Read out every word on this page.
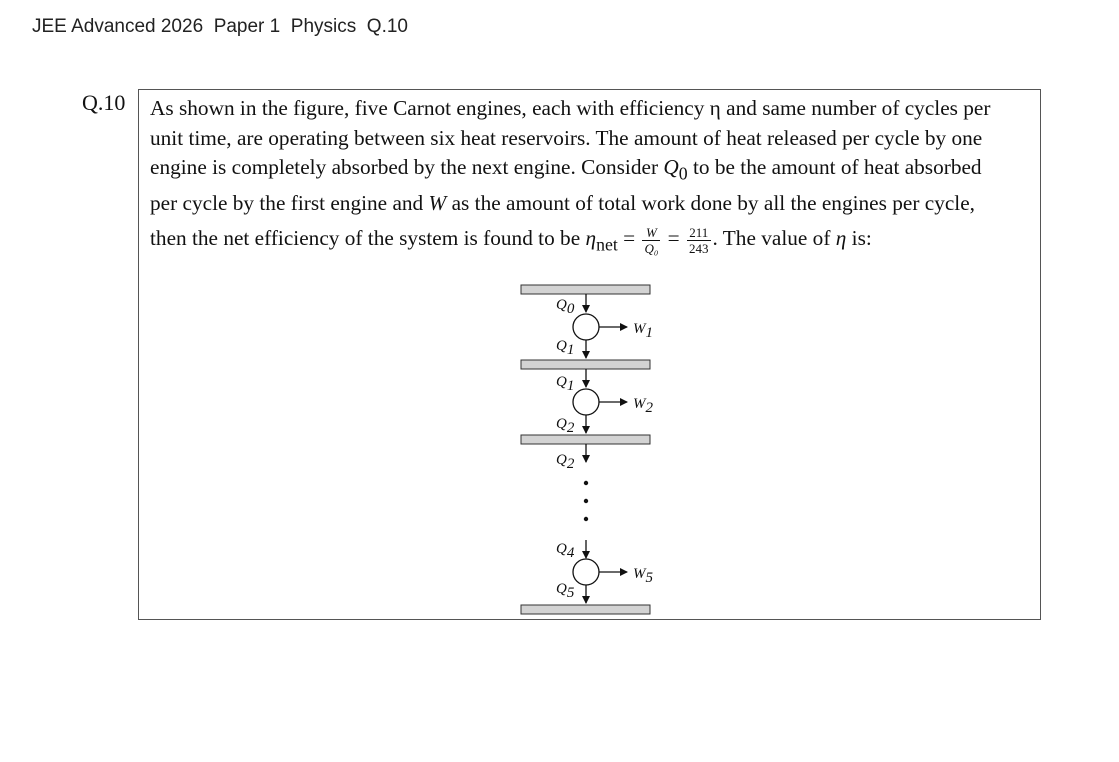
JEE Advanced 2026  Paper 1  Physics  Q.10
Q.10 As shown in the figure, five Carnot engines, each with efficiency η and same number of cycles per
unit time, are operating between six heat reservoirs. The amount of heat released per cycle by one
engine is completely absorbed by the next engine. Consider $Q_0$ to be the amount of heat absorbed
per cycle by the first engine and W as the amount of total work done by all the engines per cycle,
then the net efficiency of the system is found to be $\eta_{net} = \frac{W}{\text{Q₀}} = \frac{211}{243}$ . The value of η is:
Q0
W1
Q1
Q1
W2
Q2
Q2
Q4
W5
Q5
